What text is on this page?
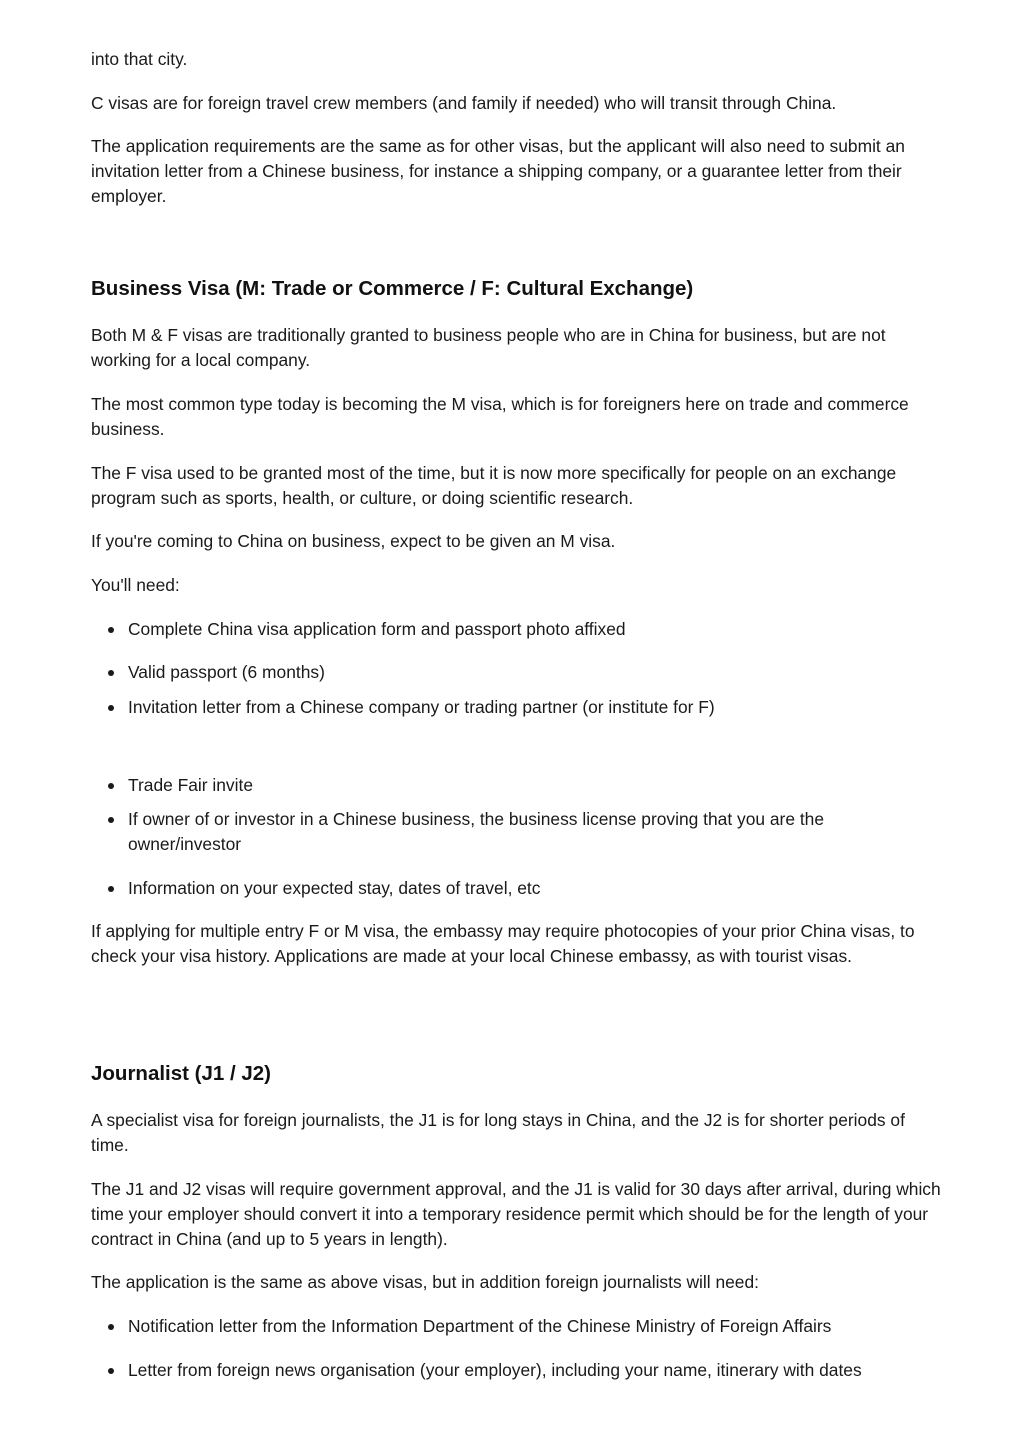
into that city.

C visas are for foreign travel crew members (and family if needed) who will transit through China.

The application requirements are the same as for other visas, but the applicant will also need to submit an invitation letter from a Chinese business, for instance a shipping company, or a guarantee letter from their employer.

Business Visa (M: Trade or Commerce / F: Cultural Exchange)

Both M & F visas are traditionally granted to business people who are in China for business, but are not working for a local company.

The most common type today is becoming the M visa, which is for foreigners here on trade and commerce business.

The F visa used to be granted most of the time, but it is now more specifically for people on an exchange program such as sports, health, or culture, or doing scientific research.

If you're coming to China on business, expect to be given an M visa.

You'll need:

Complete China visa application form and passport photo affixed

Valid passport (6 months)

Invitation letter from a Chinese company or trading partner (or institute for F)

Trade Fair invite

If owner of or investor in a Chinese business, the business license proving that you are the owner/investor

Information on your expected stay, dates of travel, etc

If applying for multiple entry F or M visa, the embassy may require photocopies of your prior China visas, to check your visa history. Applications are made at your local Chinese embassy, as with tourist visas.

Journalist (J1 / J2)

A specialist visa for foreign journalists, the J1 is for long stays in China, and the J2 is for shorter periods of time.

The J1 and J2 visas will require government approval, and the J1 is valid for 30 days after arrival, during which time your employer should convert it into a temporary residence permit which should be for the length of your contract in China (and up to 5 years in length).

The application is the same as above visas, but in addition foreign journalists will need:

Notification letter from the Information Department of the Chinese Ministry of Foreign Affairs

Letter from foreign news organisation (your employer), including your name, itinerary with dates
